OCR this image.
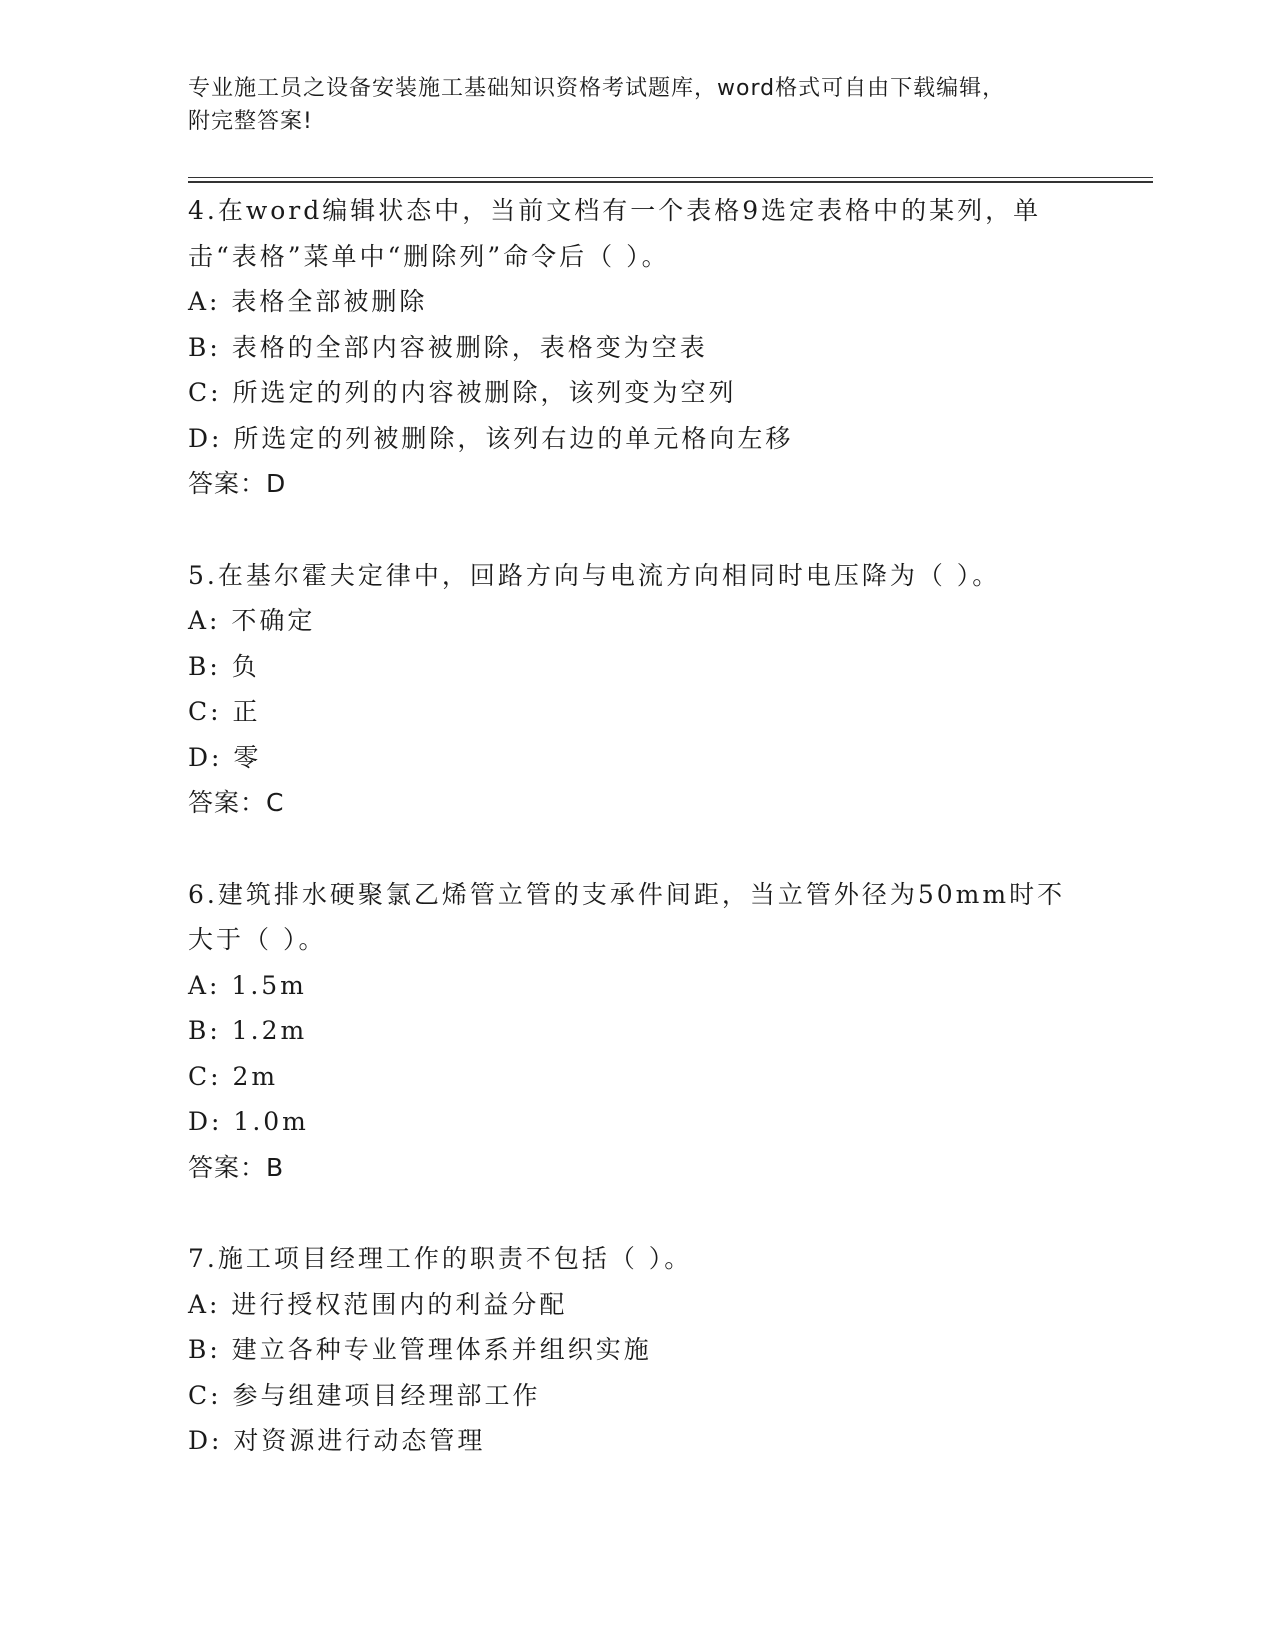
专业施工员之设备安装施工基础知识资格考试题库，word格式可自由下载编辑，
附完整答案!

4.在word编辑状态中，当前文档有一个表格9选定表格中的某列，单击“表格”菜单中“删除列”命令后（ ）。

A: 表格全部被删除

B: 表格的全部内容被删除，表格变为空表

C: 所选定的列的内容被删除，该列变为空列

D: 所选定的列被删除，该列右边的单元格向左移

答案：D

5.在基尔霍夫定律中，回路方向与电流方向相同时电压降为（ ）。

A: 不确定

B: 负

C: 正

D: 零

答案：C

6.建筑排水硬聚氯乙烯管立管的支承件间距，当立管外径为50mm时不大于（ ）。

A: 1.5m

B: 1.2m

C: 2m

D: 1.0m

答案：B

7.施工项目经理工作的职责不包括（ ）。

A: 进行授权范围内的利益分配

B: 建立各种专业管理体系并组织实施

C: 参与组建项目经理部工作

D: 对资源进行动态管理
